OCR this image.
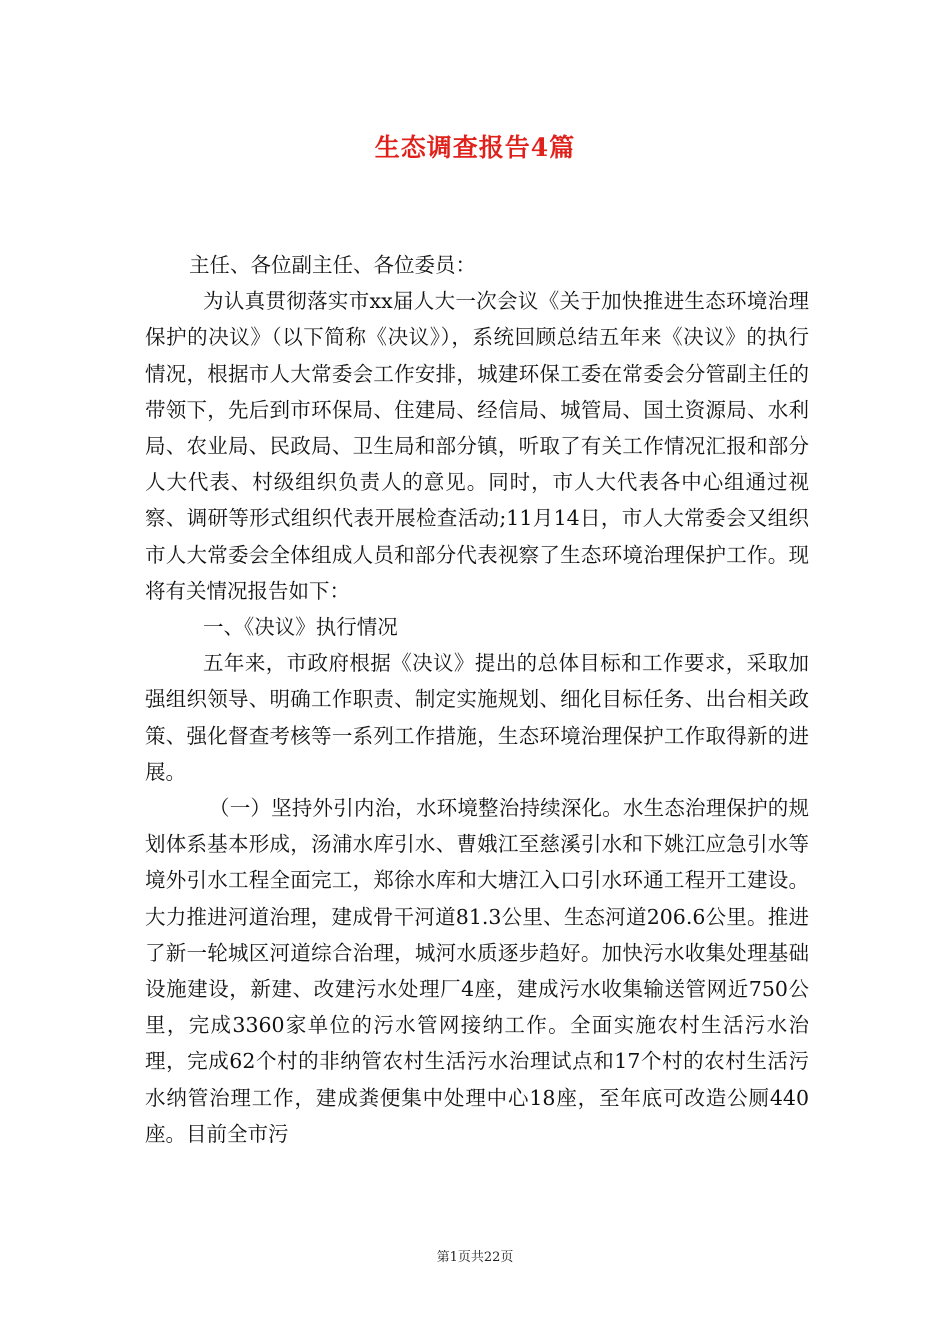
生态调查报告4篇

主任、各位副主任、各位委员：

为认真贯彻落实市xx届人大一次会议《关于加快推进生态环境治理保护的决议》（以下简称《决议》），系统回顾总结五年来《决议》的执行情况，根据市人大常委会工作安排，城建环保工委在常委会分管副主任的带领下，先后到市环保局、住建局、经信局、城管局、国土资源局、水利局、农业局、民政局、卫生局和部分镇，听取了有关工作情况汇报和部分人大代表、村级组织负责人的意见。同时，市人大代表各中心组通过视察、调研等形式组织代表开展检查活动;11月14日，市人大常委会又组织市人大常委会全体组成人员和部分代表视察了生态环境治理保护工作。现将有关情况报告如下：

一、《决议》执行情况

五年来，市政府根据《决议》提出的总体目标和工作要求，采取加强组织领导、明确工作职责、制定实施规划、细化目标任务、出台相关政策、强化督查考核等一系列工作措施，生态环境治理保护工作取得新的进展。

（一）坚持外引内治，水环境整治持续深化。水生态治理保护的规划体系基本形成，汤浦水库引水、曹娥江至慈溪引水和下姚江应急引水等境外引水工程全面完工，郑徐水库和大塘江入口引水环通工程开工建设。大力推进河道治理，建成骨干河道81.3公里、生态河道206.6公里。推进了新一轮城区河道综合治理，城河水质逐步趋好。加快污水收集处理基础设施建设，新建、改建污水处理厂4座，建成污水收集输送管网近750公里，完成3360家单位的污水管网接纳工作。全面实施农村生活污水治理，完成62个村的非纳管农村生活污水治理试点和17个村的农村生活污水纳管治理工作，建成粪便集中处理中心18座，至年底可改造公厕440座。目前全市污

第1页共22页
